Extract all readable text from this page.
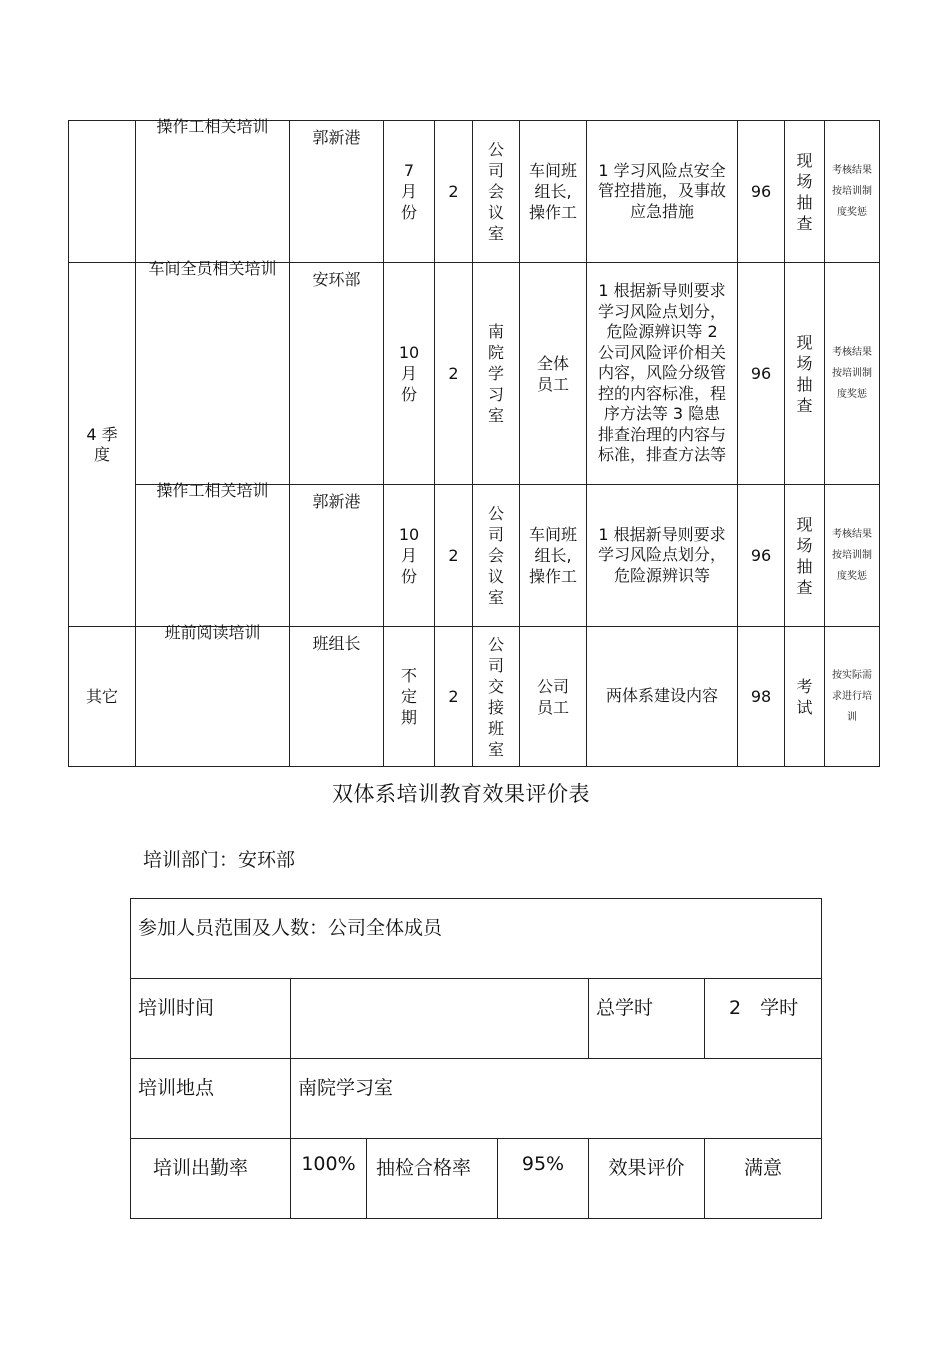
	操作工相关培训	郭新港	7 月份	2	公司会议室	车间班组长, 操作工	1 学习风险点安全管控措施，及事故应急措施	96	现场抽查	考核结果按培训制度奖惩
4 季度	车间全员相关培训	安环部	10 月份	2	南院学习室	全体员工	1 根据新导则要求学习风险点划分，危险源辨识等 2 公司风险评价相关内容，风险分级管控的内容标准，程序方法等 3 隐患排查治理的内容与标准，排查方法等	96	现场抽查	考核结果按培训制度奖惩

	操作工相关培训	郭新港	10 月份	2	公司会议室	车间班组长, 操作工	1 根据新导则要求学习风险点划分，危险源辨识等	96	现场抽查	考核结果按培训制度奖惩
其它	班前阅读培训	班组长	不定期	2	公司交接班室	公司员工	两体系建设内容	98	考试	按实际需求进行培训
双体系培训教育效果评价表
培训部门：安环部
参加人员范围及人数：公司全体成员					
培训时间				总学时	2　学时
培训地点	南院学习室				
培训出勤率	100%	抽检合格率	95%	效果评价	满意
